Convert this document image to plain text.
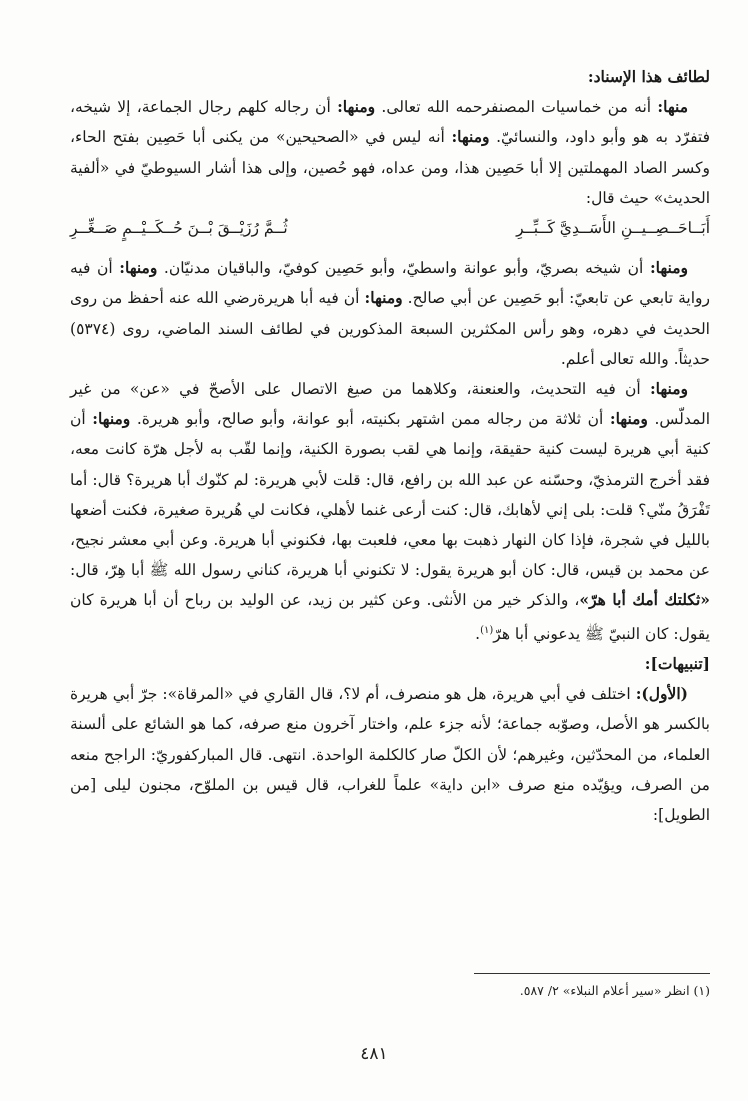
لطائف هذا الإسناد:

منها: أنه من خماسيات المصنفرحمه الله تعالى. ومنها: أن رجاله كلهم رجال الجماعة، إلا شيخه، فتفرّد به هو وأبو داود، والنسائيّ. ومنها: أنه ليس في «الصحيحين» من يكنى أبا حَصِين بفتح الحاء، وكسر الصاد المهملتين إلا أبا حَصِين هذا، ومن عداه، فهو حُصين، وإلى هذا أشار السيوطيّ في «ألفية الحديث» حيث قال:

أَبَــاحَــصِــيــنِ الأَسَــدِيَّ كَــبِّــرِ
ثُــمَّ رُزَيْــقَ بْــنَ حُــكَــيْــمٍ صَــغِّــرِ

ومنها: أن شيخه بصريّ، وأبو عوانة واسطيّ، وأبو حَصِين كوفيّ، والباقيان مدنيّان. ومنها: أن فيه رواية تابعي عن تابعيّ: أبو حَصِين عن أبي صالح. ومنها: أن فيه أبا هريرةرضي الله عنه أحفظ من روى الحديث في دهره، وهو رأس المكثرين السبعة المذكورين في لطائف السند الماضي، روى (٥٣٧٤) حديثاً. والله تعالى أعلم.

ومنها: أن فيه التحديث، والعنعنة، وكلاهما من صيغ الاتصال على الأصحّ في «عن» من غير المدلّس. ومنها: أن ثلاثة من رجاله ممن اشتهر بكنيته، أبو عوانة، وأبو صالح، وأبو هريرة. ومنها: أن كنية أبي هريرة ليست كنية حقيقة، وإنما هي لقب بصورة الكنية، وإنما لقّب به لأجل هرّة كانت معه، فقد أخرج الترمذيّ، وحسّنه عن عبد الله بن رافع، قال: قلت لأبي هريرة: لم كنّوك أبا هريرة؟ قال: أما تَفْرَقُ منّي؟ قلت: بلى إني لأهابك، قال: كنت أرعى غنما لأهلي، فكانت لي هُريرة صغيرة، فكنت أضعها بالليل في شجرة، فإذا كان النهار ذهبت بها معي، فلعبت بها، فكنوني أبا هريرة. وعن أبي معشر نجيح، عن محمد بن قيس، قال: كان أبو هريرة يقول: لا تكنوني أبا هريرة، كناني رسول الله ﷺ أبا هِرّ، قال: «ثكلتك أمك أبا هرّ»، والذكر خير من الأنثى. وعن كثير بن زيد، عن الوليد بن رباح أن أبا هريرة كان يقول: كان النبيّ ﷺ يدعوني أبا هرّ$^{(١)}$.

[تنبيهات]:

(الأول): اختلف في أبي هريرة، هل هو منصرف، أم لا؟، قال القاري في «المرقاة»: جرّ أبي هريرة بالكسر هو الأصل، وصوّبه جماعة؛ لأنه جزء علم، واختار آخرون منع صرفه، كما هو الشائع على ألسنة العلماء، من المحدّثين، وغيرهم؛ لأن الكلّ صار كالكلمة الواحدة. انتهى. قال المباركفوريّ: الراجح منعه من الصرف، ويؤيّده منع صرف «ابن داية» علماً للغراب، قال قيس بن الملوّح، مجنون ليلى [من الطويل]:

(١) انظر «سير أعلام النبلاء» ٢/ ٥٨٧.
٤٨١
